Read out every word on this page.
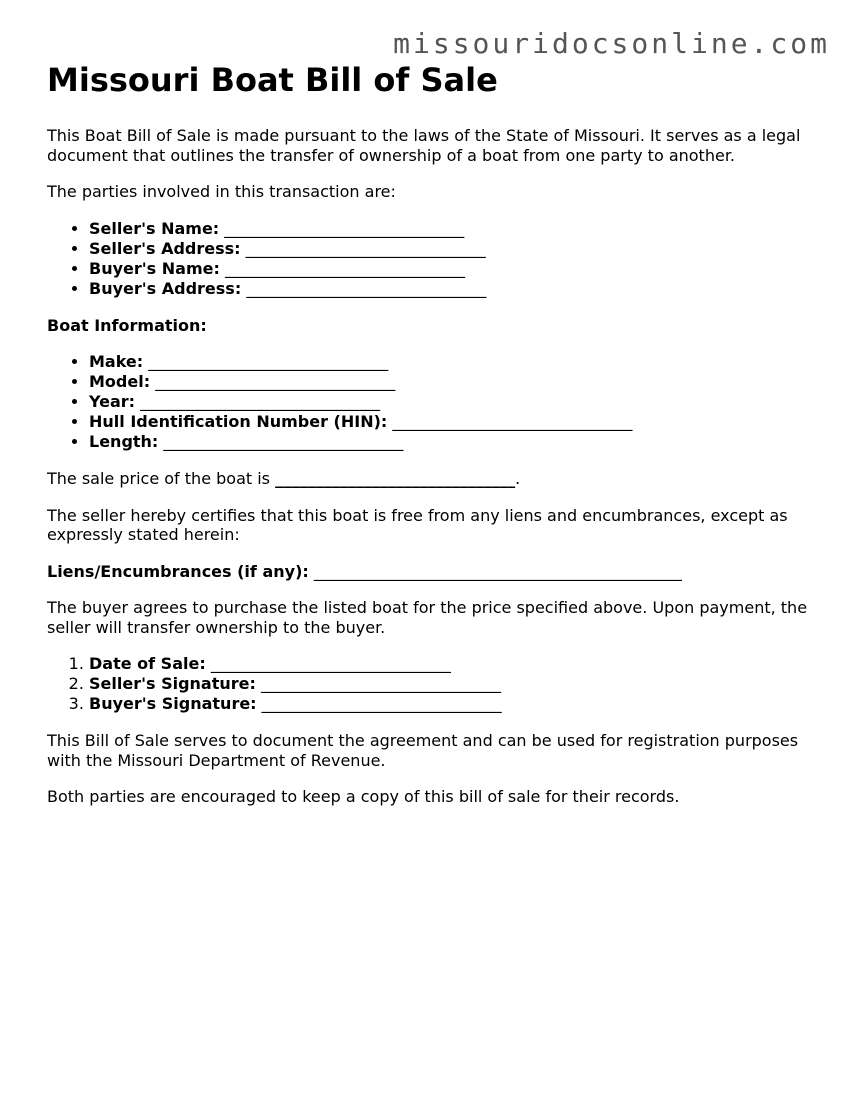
missouridocsonline.com
Missouri Boat Bill of Sale

This Boat Bill of Sale is made pursuant to the laws of the State of Missouri. It serves as a legal document that outlines the transfer of ownership of a boat from one party to another.

The parties involved in this transaction are:

• Seller's Name: ______________________________
• Seller's Address: ______________________________
• Buyer's Name: ______________________________
• Buyer's Address: ______________________________

Boat Information:

• Make: ______________________________
• Model: ______________________________
• Year: ______________________________
• Hull Identification Number (HIN): ______________________________
• Length: ______________________________

The sale price of the boat is ______________________________.

The seller hereby certifies that this boat is free from any liens and encumbrances, except as expressly stated herein:

Liens/Encumbrances (if any): ______________________________________________

The buyer agrees to purchase the listed boat for the price specified above. Upon payment, the seller will transfer ownership to the buyer.

1. Date of Sale: ______________________________
2. Seller's Signature: ______________________________
3. Buyer's Signature: ______________________________

This Bill of Sale serves to document the agreement and can be used for registration purposes with the Missouri Department of Revenue.

Both parties are encouraged to keep a copy of this bill of sale for their records.
